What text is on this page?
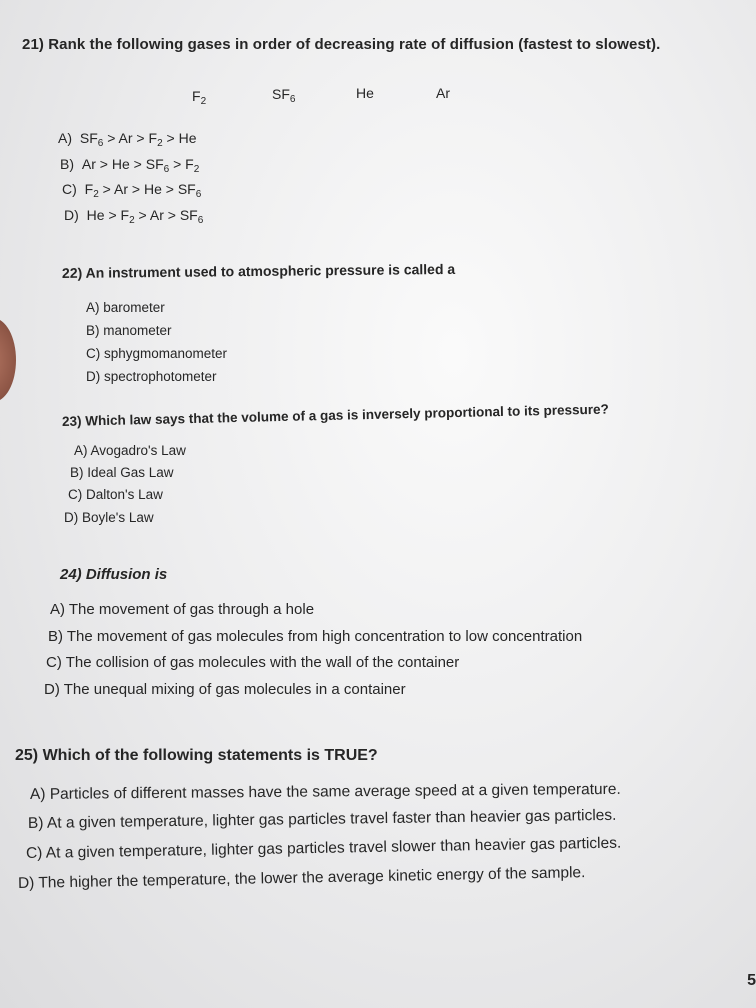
21) Rank the following gases in order of decreasing rate of diffusion (fastest to slowest).
$F_2$	$SF_6$	He	Ar
A) $SF_6 > Ar > F_2 > He$
B) $Ar > He > SF_6 > F_2$
C) $F_2 > Ar > He > SF_6$
D) $He > F_2 > Ar > SF_6$
22) An instrument used to atmospheric pressure is called a
A) barometer
B) manometer
C) sphygmomanometer
D) spectrophotometer
23) Which law says that the volume of a gas is inversely proportional to its pressure?
A) Avogadro's Law
B) Ideal Gas Law
C) Dalton's Law
D) Boyle's Law
24) Diffusion is
A) The movement of gas through a hole
B) The movement of gas molecules from high concentration to low concentration
C) The collision of gas molecules with the wall of the container
D) The unequal mixing of gas molecules in a container
25) Which of the following statements is TRUE?
A) Particles of different masses have the same average speed at a given temperature.
B) At a given temperature, lighter gas particles travel faster than heavier gas particles.
C) At a given temperature, lighter gas particles travel slower than heavier gas particles.
D) The higher the temperature, the lower the average kinetic energy of the sample.
5
